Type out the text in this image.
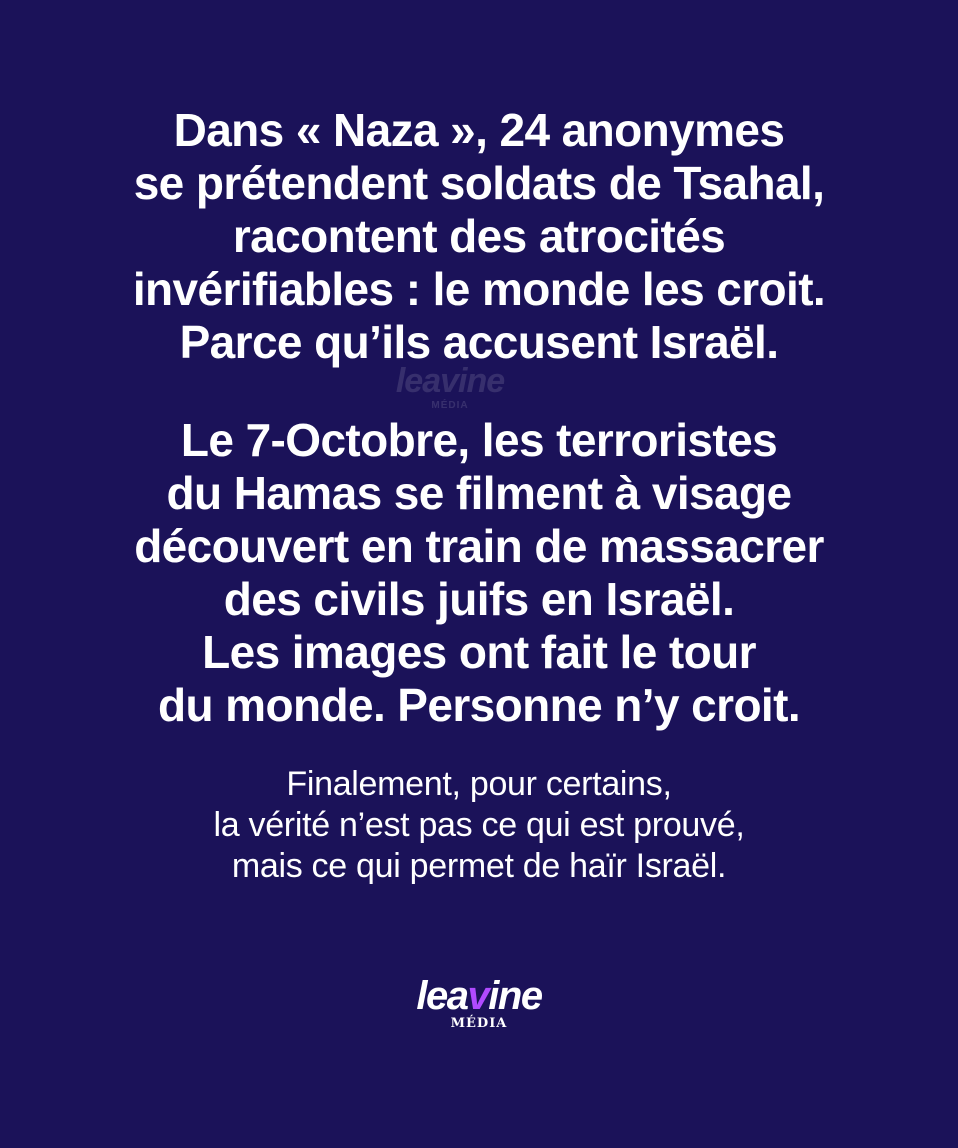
Dans « Naza », 24 anonymes
se prétendent soldats de Tsahal,
racontent des atrocités
invérifiables : le monde les croit.
Parce qu’ils accusent Israël.
leavine
MÉDIA
Le 7-Octobre, les terroristes
du Hamas se filment à visage
découvert en train de massacrer
des civils juifs en Israël.
Les images ont fait le tour
du monde. Personne n’y croit.
Finalement, pour certains,
la vérité n’est pas ce qui est prouvé,
mais ce qui permet de haïr Israël.
leavine
MÉDIA
